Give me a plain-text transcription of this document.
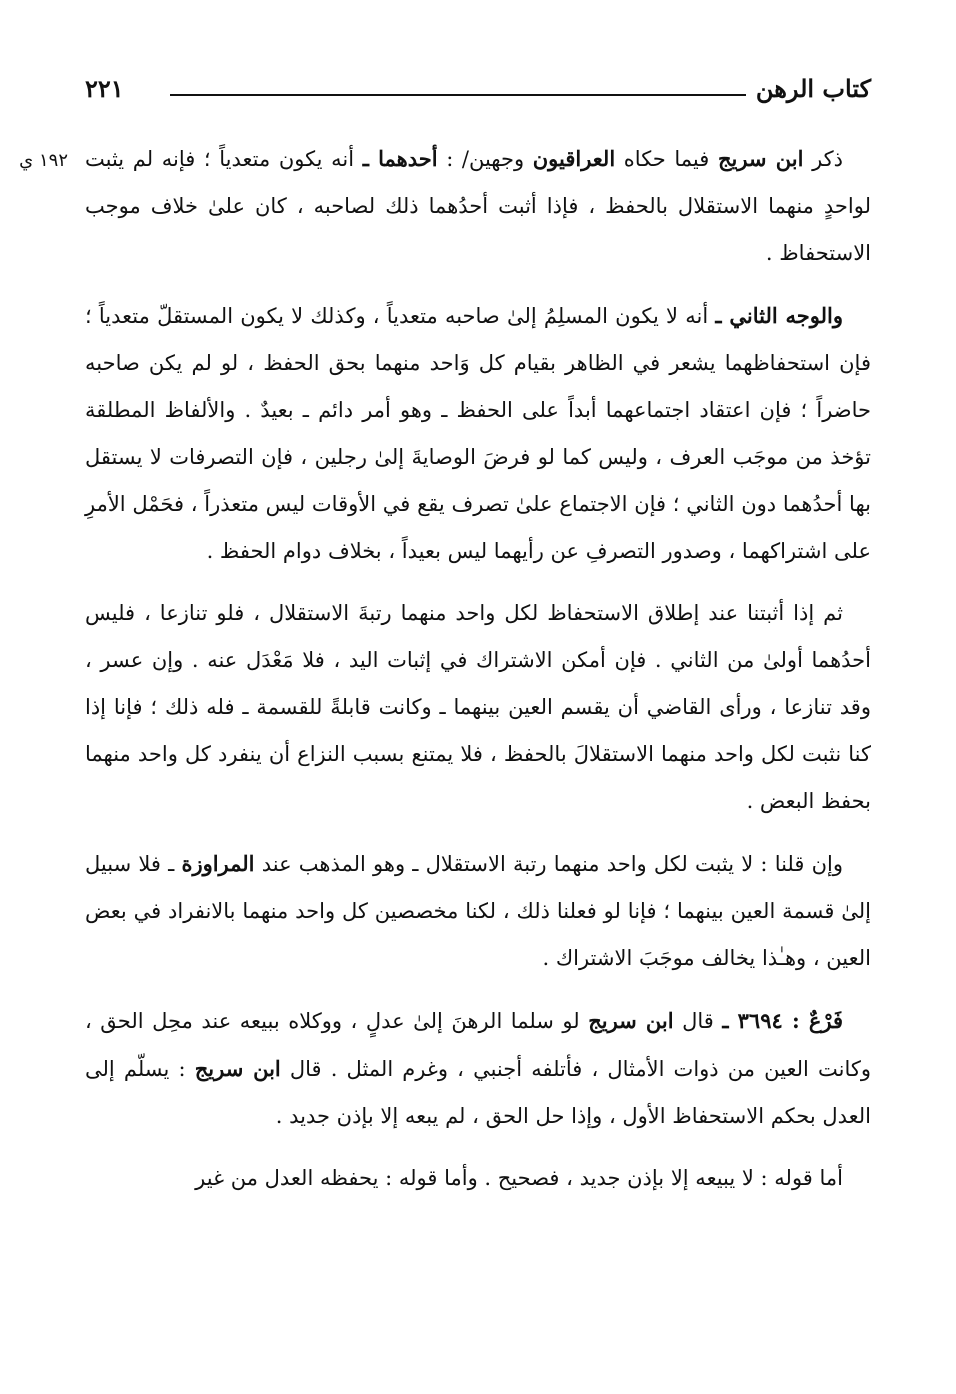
كتاب الرهن
٢٢١
١٩٢ ي	ذكر ابن سريج فيما حكاه العراقيون وجهين/ : أحدهما ـ أنه يكون متعدياً ؛ فإنه لم يثبت لواحدٍ منهما الاستقلال بالحفظ ، فإذا أثبت أحدُهما ذلك لصاحبه ، كان علىٰ خلاف موجب الاستحفاظ .

والوجه الثاني ـ أنه لا يكون المسلِمُ إلىٰ صاحبه متعدياً ، وكذلك لا يكون المستقلّ متعدياً ؛ فإن استحفاظهما يشعر في الظاهر بقيام كل وَاحد منهما بحق الحفظ ، لو لم يكن صاحبه حاضراً ؛ فإن اعتقاد اجتماعهما أبداً على الحفظ ـ وهو أمر دائم ـ بعيدٌ . والألفاظ المطلقة تؤخذ من موجَب العرف ، وليس كما لو فرضَ الوصايةَ إلىٰ رجلين ، فإن التصرفات لا يستقل بها أحدُهما دون الثاني ؛ فإن الاجتماع علىٰ تصرف يقع في الأوقات ليس متعذراً ، فحَمْل الأمرِ على اشتراكهما ، وصدور التصرفِ عن رأيهما ليس بعيداً ، بخلاف دوام الحفظ .

ثم إذا أثبتنا عند إطلاق الاستحفاظ لكل واحد منهما رتبةَ الاستقلال ، فلو تنازعا ، فليس أحدُهما أولىٰ من الثاني . فإن أمكن الاشتراك في إثبات اليد ، فلا مَعْدَل عنه . وإن عسر ، وقد تنازعا ، ورأى القاضي أن يقسم العين بينهما ـ وكانت قابلةً للقسمة ـ فله ذلك ؛ فإنا إذا كنا نثبت لكل واحد منهما الاستقلالَ بالحفظ ، فلا يمتنع بسبب النزاع أن ينفرد كل واحد منهما بحفظ البعض .

وإن قلنا : لا يثبت لكل واحد منهما رتبة الاستقلال ـ وهو المذهب عند المراوزة ـ فلا سبيل إلىٰ قسمة العين بينهما ؛ فإنا لو فعلنا ذلك ، لكنا مخصصين كل واحد منهما بالانفراد في بعض العين ، وهـٰذا يخالف موجَبَ الاشتراك .

فَرْعٌ : ٣٦٩٤ ـ قال ابن سريج لو سلما الرهنَ إلىٰ عدلٍ ، ووكلاه ببيعه عند محِل الحق ، وكانت العين من ذوات الأمثال ، فأتلفه أجنبي ، وغرم المثل . قال ابن سريج : يسلّم إلى العدل بحكم الاستحفاظ الأول ، وإذا حل الحق ، لم يبعه إلا بإذن جديد .

أما قوله : لا يبيعه إلا بإذن جديد ، فصحيح . وأما قوله : يحفظه العدل من غير
